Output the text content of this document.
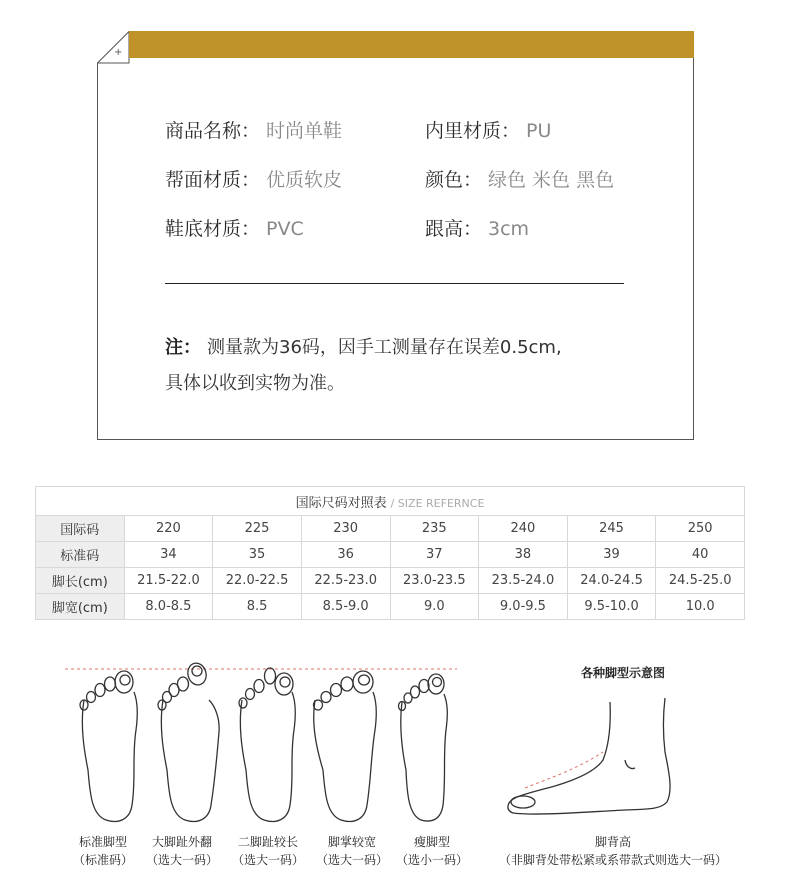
+
商品名称： 时尚单鞋	内里材质： PU
帮面材质： 优质软皮	颜色： 绿色 米色 黑色
鞋底材质： PVC	跟高： 3cm
注： 测量款为36码，因手工测量存在误差0.5cm,
具体以收到实物为准。
国际尺码对照表 / SIZE REFERNCE							
国际码	220	225	230	235	240	245	250
标准码	34	35	36	37	38	39	40
脚长(cm)	21.5-22.0	22.0-22.5	22.5-23.0	23.0-23.5	23.5-24.0	24.0-24.5	24.5-25.0
脚宽(cm)	8.0-8.5	8.5	8.5-9.0	9.0	9.0-9.5	9.5-10.0	10.0
标准脚型
（标准码）
大脚趾外翻
（选大一码）
二脚趾较长
（选大一码）
脚掌较宽
（选大一码）
瘦脚型
（选小一码）
各种脚型示意图
脚背高
（非脚背处带松紧或系带款式则选大一码）
